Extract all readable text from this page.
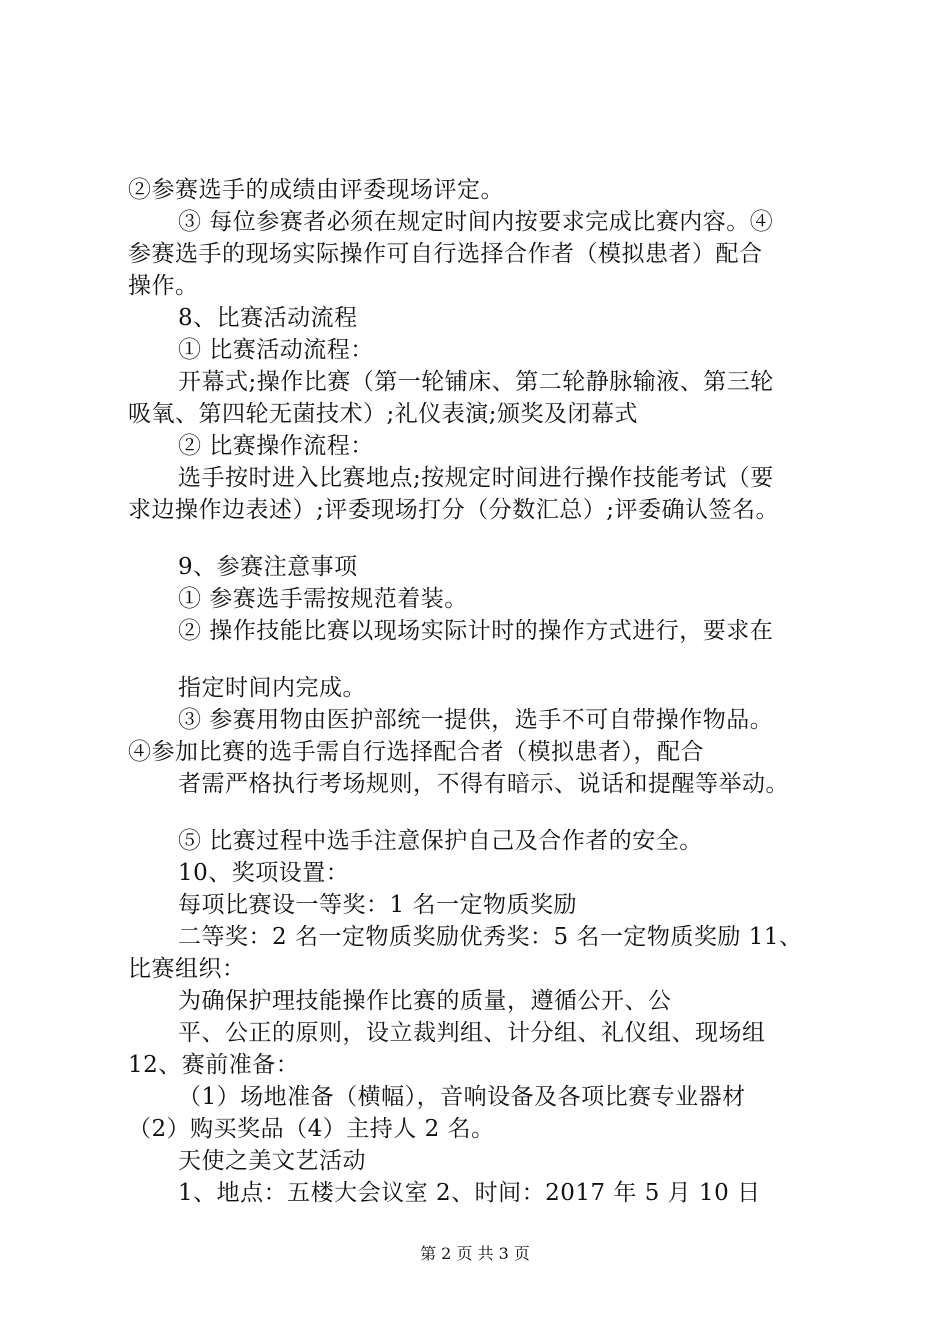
②参赛选手的成绩由评委现场评定。
③ 每位参赛者必须在规定时间内按要求完成比赛内容。④
参赛选手的现场实际操作可自行选择合作者（模拟患者）配合
操作。
8、比赛活动流程
① 比赛活动流程：
开幕式;操作比赛（第一轮铺床、第二轮静脉输液、第三轮
吸氧、第四轮无菌技术）;礼仪表演;颁奖及闭幕式
② 比赛操作流程：
选手按时进入比赛地点;按规定时间进行操作技能考试（要
求边操作边表述）;评委现场打分（分数汇总）;评委确认签名。
9、参赛注意事项
① 参赛选手需按规范着装。
② 操作技能比赛以现场实际计时的操作方式进行，要求在
指定时间内完成。
③ 参赛用物由医护部统一提供，选手不可自带操作物品。
④参加比赛的选手需自行选择配合者（模拟患者），配合
者需严格执行考场规则，不得有暗示、说话和提醒等举动。
⑤ 比赛过程中选手注意保护自己及合作者的安全。
10、奖项设置：
每项比赛设一等奖：1 名一定物质奖励
二等奖：2 名一定物质奖励优秀奖：5 名一定物质奖励 11、
比赛组织：
为确保护理技能操作比赛的质量，遵循公开、公
平、公正的原则，设立裁判组、计分组、礼仪组、现场组
12、赛前准备：
（1）场地准备（横幅），音响设备及各项比赛专业器材
（2）购买奖品（4）主持人 2 名。
天使之美文艺活动
1、地点：五楼大会议室 2、时间：2017 年 5 月 10 日
第 2 页 共 3 页
